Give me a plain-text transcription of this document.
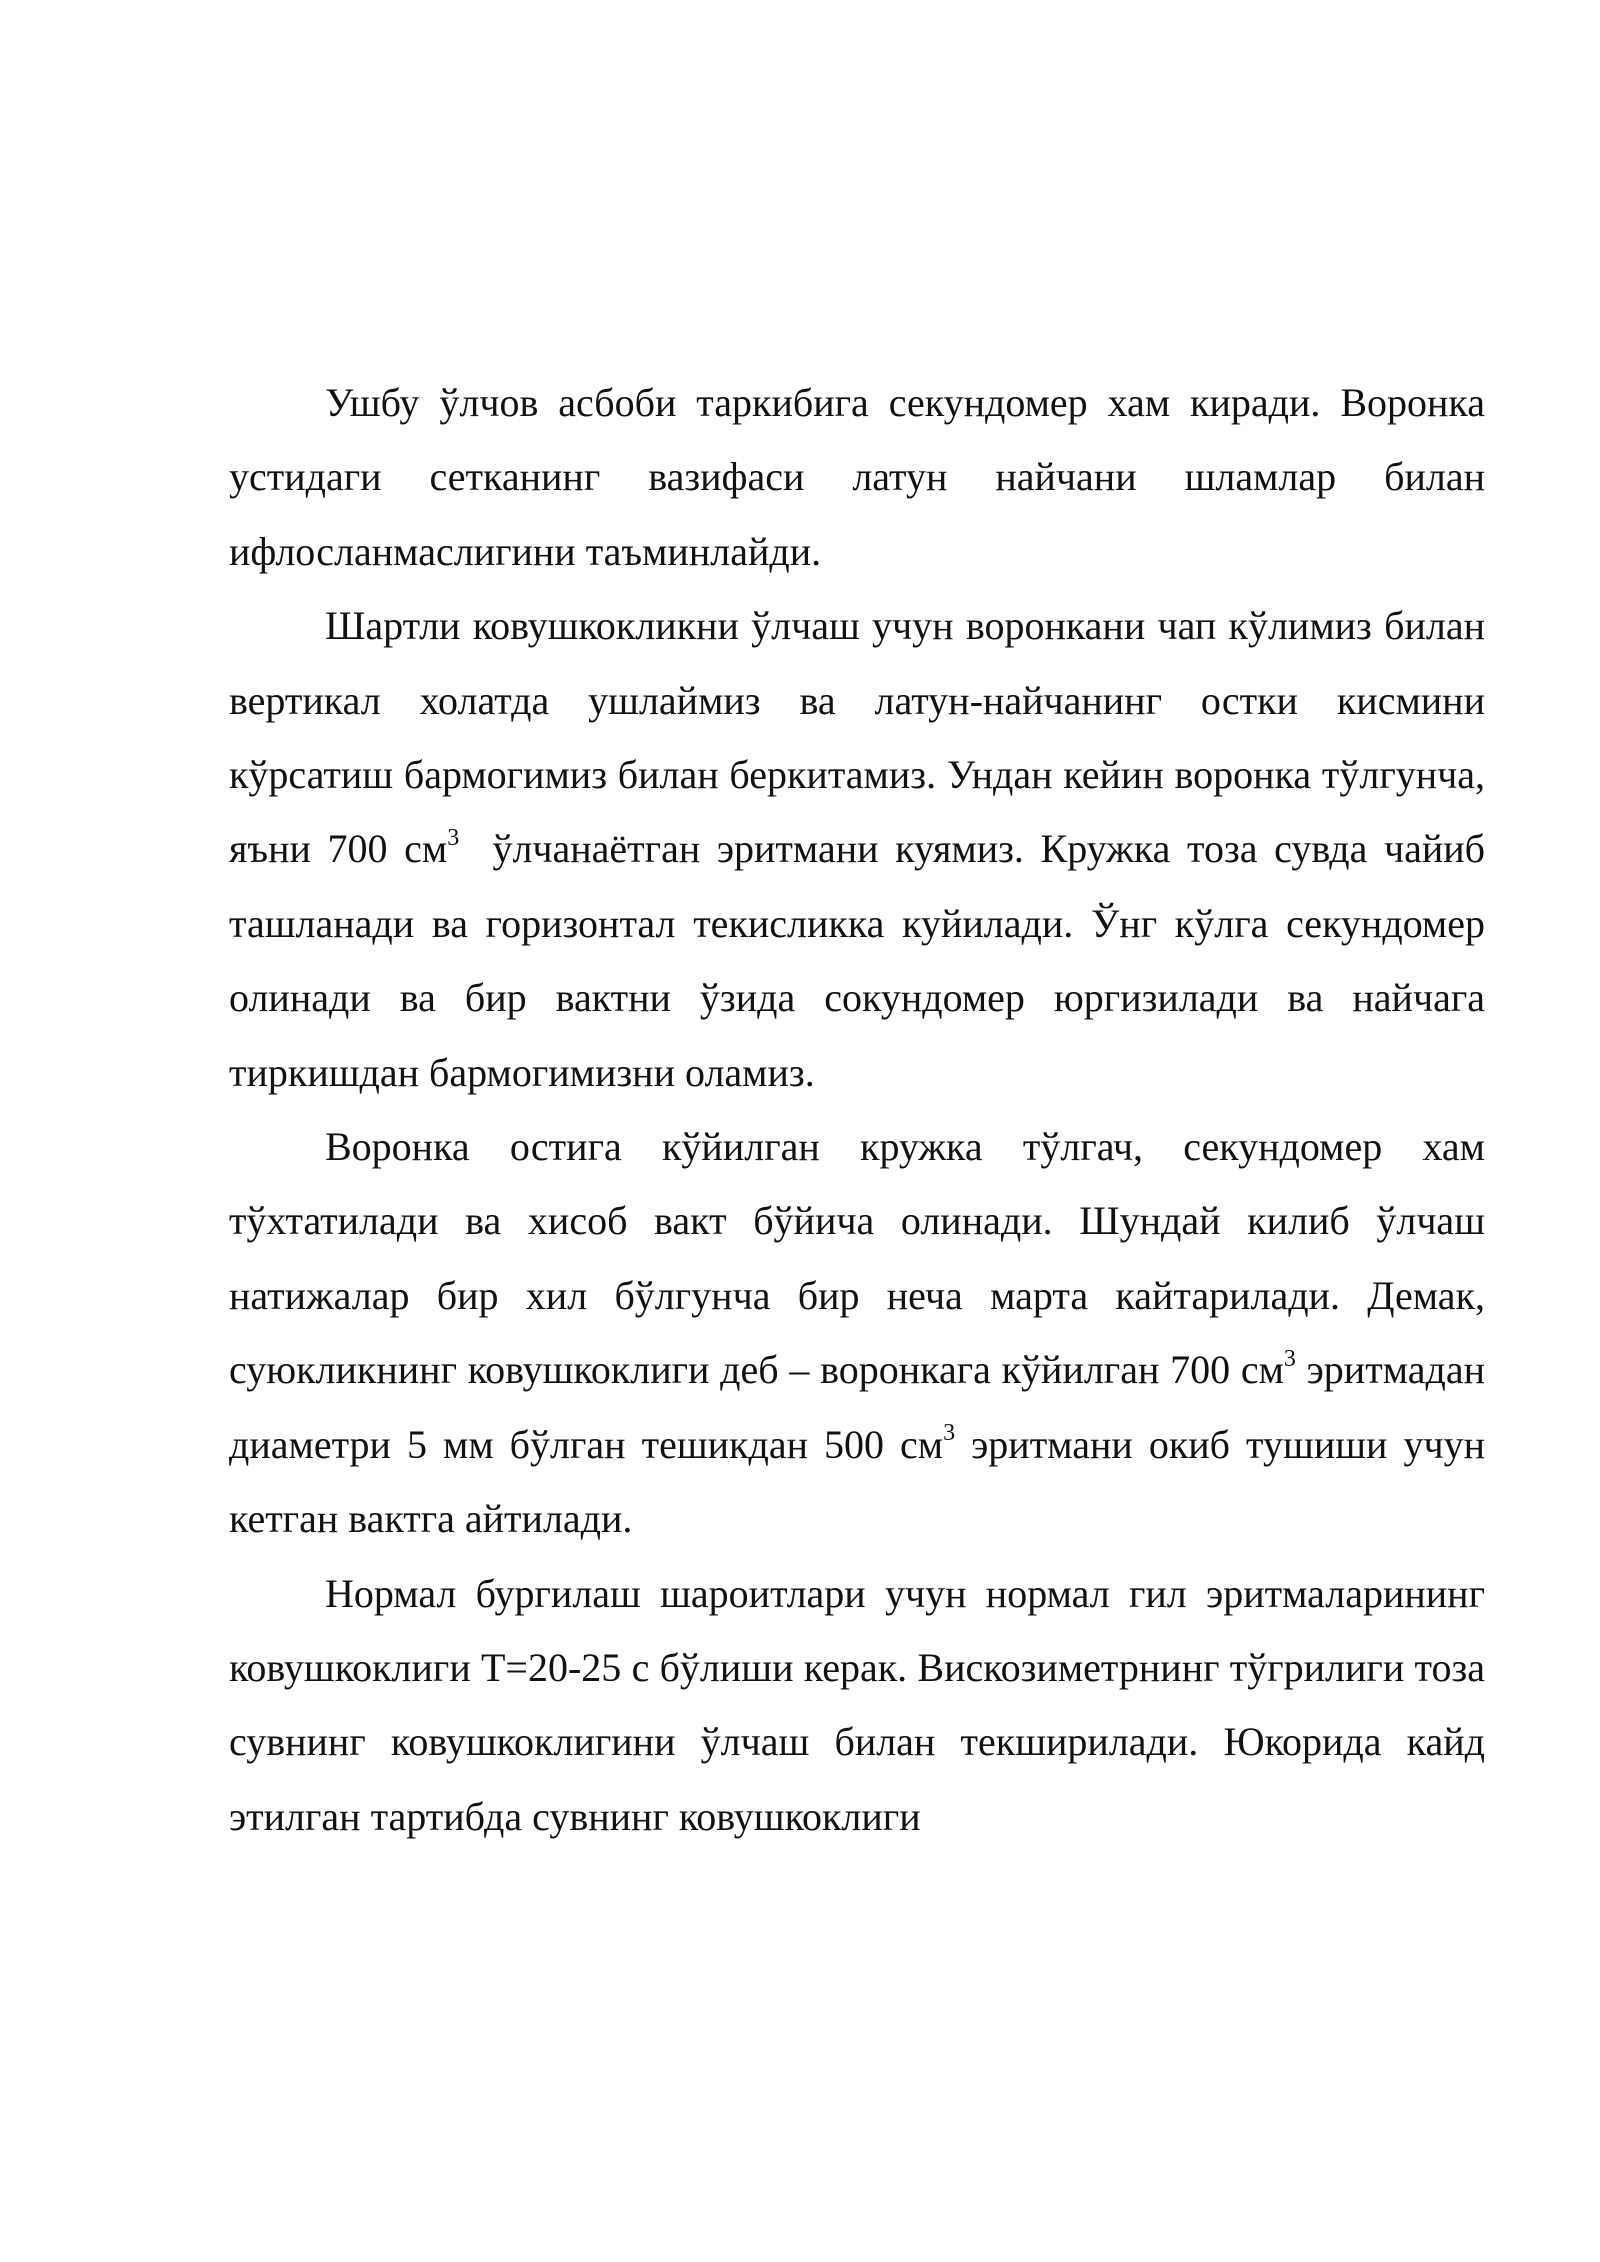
Ушбу ўлчов асбоби таркибига секундомер хам киради. Воронка устидаги сетканинг вазифаси латун найчани шламлар билан ифлосланмаслигини таъминлайди.

Шартли ковушкокликни ўлчаш учун воронкани чап кўлимиз билан вертикал холатда ушлаймиз ва латун-найчанинг остки кисмини кўрсатиш бармогимиз билан беркитамиз. Ундан кейин воронка тўлгунча, яъни 700 $см^3$  ўлчанаётган эритмани куямиз. Кружка тоза сувда чайиб ташланади ва горизонтал текисликка куйилади. Ўнг кўлга секундомер олинади ва бир вактни ўзида сокундомер юргизилади ва найчага тиркишдан бармогимизни оламиз.

Воронка остига кўйилган кружка тўлгач, секундомер хам тўхтатилади ва хисоб вакт бўйича олинади. Шундай килиб ўлчаш натижалар бир хил бўлгунча бир неча марта кайтарилади. Демак, суюкликнинг ковушкоклиги деб – воронкага кўйилган 700 $см^3$ эритмадан диаметри 5 мм бўлган тешикдан 500 $см^3$ эритмани окиб тушиши учун кетган вактга айтилади.

Нормал бургилаш шароитлари учун нормал гил эритмаларининг ковушкоклиги Т=20-25 с бўлиши керак. Вискозиметрнинг тўгрилиги тоза сувнинг ковушкоклигини ўлчаш билан текширилади. Юкорида кайд этилган тартибда сувнинг ковушкоклиги
